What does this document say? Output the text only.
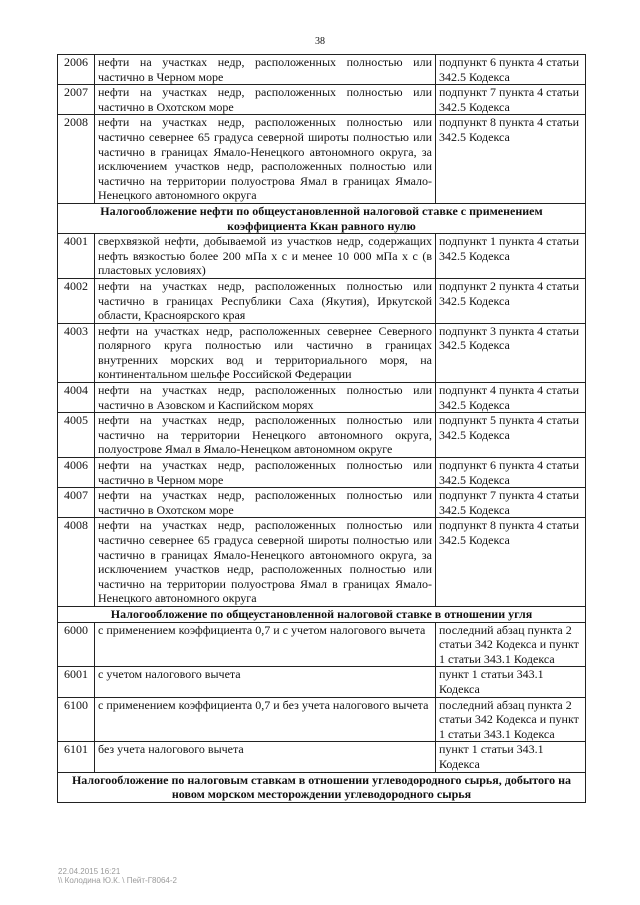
38
2006	нефти на участках недр, расположенных полностью или частично в Черном море	подпункт 6 пункта 4 статьи 342.5 Кодекса
2007	нефти на участках недр, расположенных полностью или частично в Охотском море	подпункт 7 пункта 4 статьи 342.5 Кодекса
2008	нефти на участках недр, расположенных полностью или частично севернее 65 градуса северной широты полностью или частично в границах Ямало-Ненецкого автономного округа, за исключением участков недр, расположенных полностью или частично на территории полуострова Ямал в границах Ямало-Ненецкого автономного округа	подпункт 8 пункта 4 статьи 342.5 Кодекса
Налогообложение нефти по общеустановленной налоговой ставке с применением коэффициента Ккан равного нулю		
4001	сверхвязкой нефти, добываемой из участков недр, содержащих нефть вязкостью более 200 мПа х с и менее 10 000 мПа х с (в пластовых условиях)	подпункт 1 пункта 4 статьи 342.5 Кодекса
4002	нефти на участках недр, расположенных полностью или частично в границах Республики Саха (Якутия), Иркутской области, Красноярского края	подпункт 2 пункта 4 статьи 342.5 Кодекса
4003	нефти на участках недр, расположенных севернее Северного полярного круга полностью или частично в границах внутренних морских вод и территориального моря, на континентальном шельфе Российской Федерации	подпункт 3 пункта 4 статьи 342.5 Кодекса
4004	нефти на участках недр, расположенных полностью или частично в Азовском и Каспийском морях	подпункт 4 пункта 4 статьи 342.5 Кодекса
4005	нефти на участках недр, расположенных полностью или частично на территории Ненецкого автономного округа, полуострове Ямал в Ямало-Ненецком автономном округе	подпункт 5 пункта 4 статьи 342.5 Кодекса
4006	нефти на участках недр, расположенных полностью или частично в Черном море	подпункт 6 пункта 4 статьи 342.5 Кодекса
4007	нефти на участках недр, расположенных полностью или частично в Охотском море	подпункт 7 пункта 4 статьи 342.5 Кодекса
4008	нефти на участках недр, расположенных полностью или частично севернее 65 градуса северной широты полностью или частично в границах Ямало-Ненецкого автономного округа, за исключением участков недр, расположенных полностью или частично на территории полуострова Ямал в границах Ямало-Ненецкого автономного округа	подпункт 8 пункта 4 статьи 342.5 Кодекса
Налогообложение по общеустановленной налоговой ставке в отношении угля		
6000	с применением коэффициента 0,7 и с учетом налогового вычета	последний абзац пункта 2 статьи 342 Кодекса и пункт 1 статьи 343.1 Кодекса
6001	с учетом налогового вычета	пункт 1 статьи 343.1 Кодекса
6100	с применением коэффициента 0,7 и без учета налогового вычета	последний абзац пункта 2 статьи 342 Кодекса и пункт 1 статьи 343.1 Кодекса
6101	без учета налогового вычета	пункт 1 статьи 343.1 Кодекса
Налогообложение по налоговым ставкам в отношении углеводородного сырья, добытого на новом морском месторождении углеводородного сырья		
22.04.2015 16:21
\\ Колодина Ю.К. \ Пейт-Г8064-2
